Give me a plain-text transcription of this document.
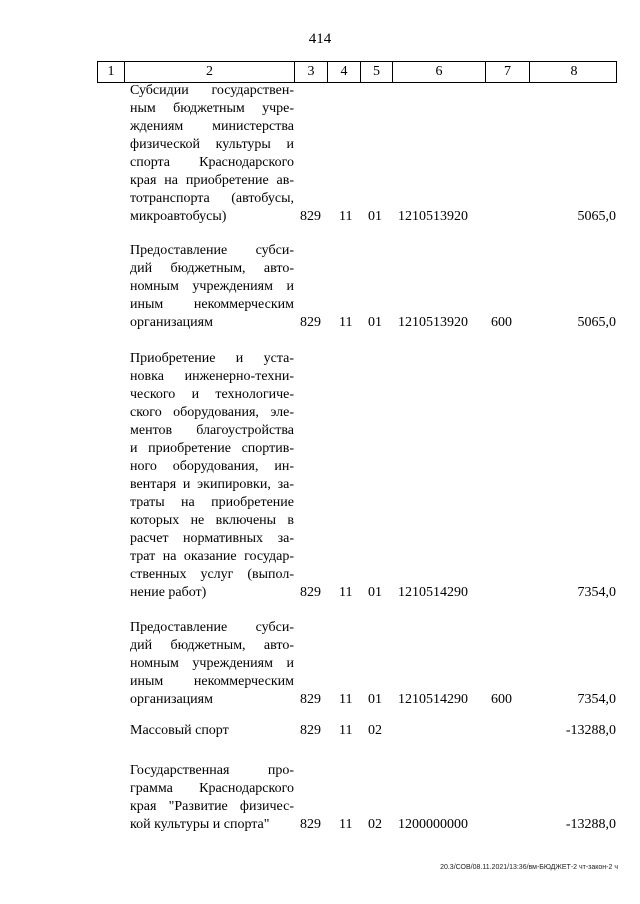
414
1	2	3	4	5	6	7	8
Субсидии государствен-
ным бюджетным учре-
ждениям министерства
физической культуры и
спорта Краснодарского
края на приобретение ав-
тотранспорта (автобусы,
микроавтобусы)	829 11 01 1210513920	5065,0
Предоставление субси-
дий бюджетным, авто-
номным учреждениям и
иным некоммерческим
организациям	829 11 01 1210513920 600	5065,0
Приобретение и уста-
новка инженерно-техни-
ческого и технологиче-
ского оборудования, эле-
ментов благоустройства
и приобретение спортив-
ного оборудования, ин-
вентаря и экипировки, за-
траты на приобретение
которых не включены в
расчет нормативных за-
трат на оказание государ-
ственных услуг (выпол-
нение работ)	829 11 01 1210514290	7354,0
Предоставление субси-
дий бюджетным, авто-
номным учреждениям и
иным некоммерческим
организациям	829 11 01 1210514290 600	7354,0
Массовый спорт	829 11 02	-13288,0
Государственная про-
грамма Краснодарского
края "Развитие физичес-
кой культуры и спорта"	829 11 02 1200000000	-13288,0
20.3/СОВ/08.11.2021/13:36/вм-БЮДЖЕТ-2 чт-закон-2 ч
